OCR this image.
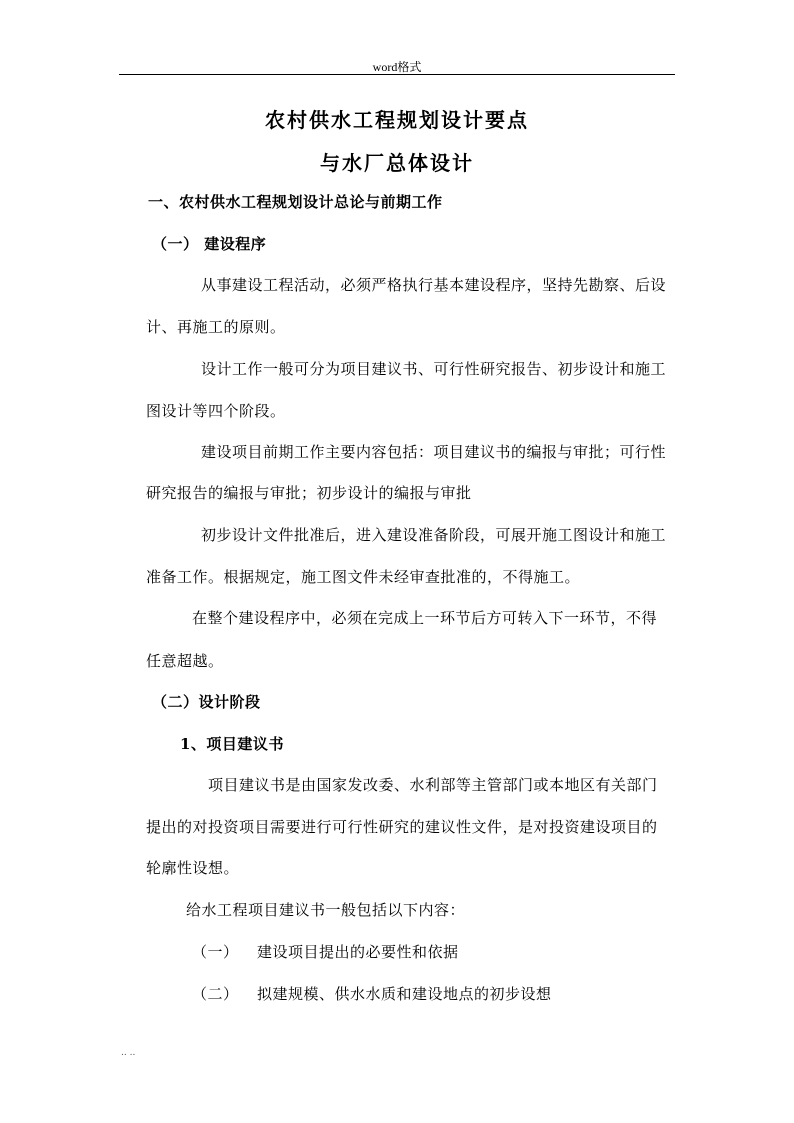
word格式
农村供水工程规划设计要点
与水厂总体设计
一、农村供水工程规划设计总论与前期工作
（一） 建设程序
从事建设工程活动，必须严格执行基本建设程序，坚持先勘察、后设
计、再施工的原则。
设计工作一般可分为项目建议书、可行性研究报告、初步设计和施工
图设计等四个阶段。
建设项目前期工作主要内容包括：项目建议书的编报与审批；可行性
研究报告的编报与审批；初步设计的编报与审批
初步设计文件批准后，进入建设准备阶段，可展开施工图设计和施工
准备工作。根据规定，施工图文件未经审查批准的，不得施工。
在整个建设程序中，必须在完成上一环节后方可转入下一环节，不得
任意超越。
（二）设计阶段
1、项目建议书
项目建议书是由国家发改委、水利部等主管部门或本地区有关部门
提出的对投资项目需要进行可行性研究的建议性文件，是对投资建设项目的
轮廓性设想。
给水工程项目建议书一般包括以下内容：
（一）	建设项目提出的必要性和依据
（二）	拟建规模、供水水质和建设地点的初步设想
.. ..
